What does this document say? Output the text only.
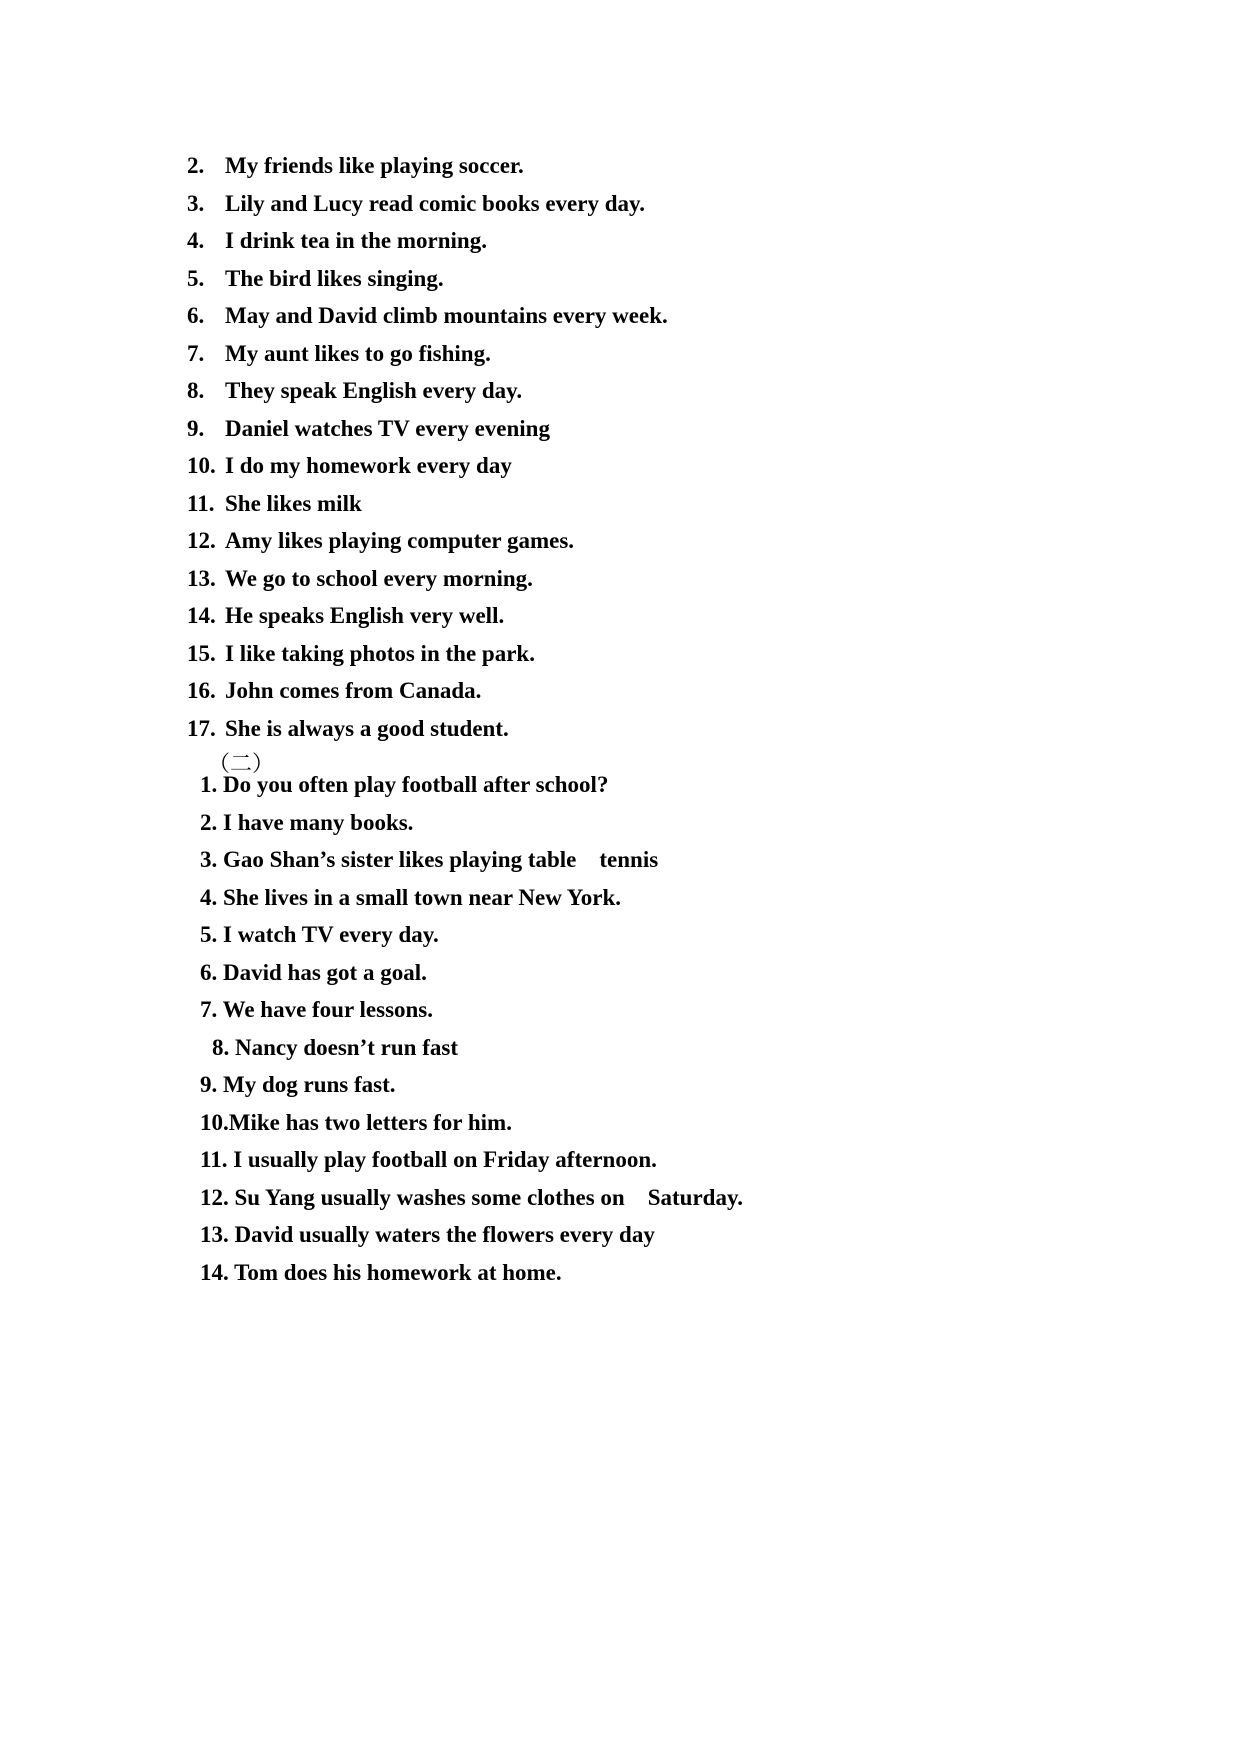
2. My friends like playing soccer.
3. Lily and Lucy read comic books every day.
4. I drink tea in the morning.
5. The bird likes singing.
6. May and David climb mountains every week.
7. My aunt likes to go fishing.
8. They speak English every day.
9. Daniel watches TV every evening
10. I do my homework every day
11. She likes milk
12. Amy likes playing computer games.
13. We go to school every morning.
14. He speaks English very well.
15. I like taking photos in the park.
16. John comes from Canada.
17. She is always a good student.
（二）
1. Do you often play football after school?
2. I have many books.
3. Gao Shan’s sister likes playing table    tennis
4. She lives in a small town near New York.
5. I watch TV every day.
6. David has got a goal.
7. We have four lessons.
8. Nancy doesn’t run fast
9. My dog runs fast.
10.Mike has two letters for him.
11. I usually play football on Friday afternoon.
12. Su Yang usually washes some clothes on    Saturday.
13. David usually waters the flowers every day
14. Tom does his homework at home.
